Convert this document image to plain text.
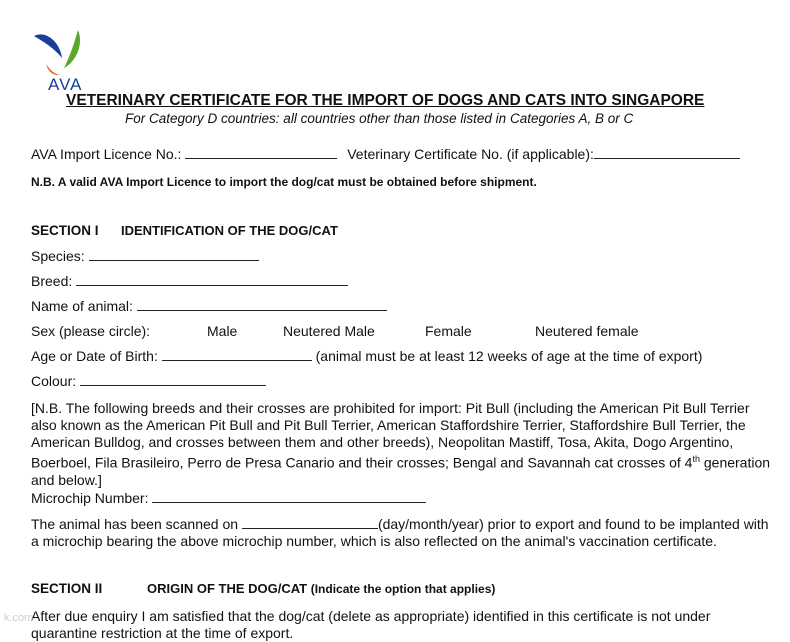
AVA
VETERINARY CERTIFICATE FOR THE IMPORT OF DOGS AND CATS INTO SINGAPORE
For Category D countries: all countries other than those listed in Categories A, B or C
AVA Import Licence No.:	Veterinary Certificate No. (if applicable):
N.B. A valid AVA Import Licence to import the dog/cat must be obtained before shipment.
SECTION I IDENTIFICATION OF THE DOG/CAT
Species:
Breed:
Name of animal:
Sex (please circle):	Male	Neutered Male	Female	Neutered female
Age or Date of Birth:	(animal must be at least 12 weeks of age at the time of export)
Colour:
[N.B. The following breeds and their crosses are prohibited for import: Pit Bull (including the American Pit Bull Terrier also known as the American Pit Bull and Pit Bull Terrier, American Staffordshire Terrier, Staffordshire Bull Terrier, the American Bulldog, and crosses between them and other breeds), Neopolitan Mastiff, Tosa, Akita, Dogo Argentino, Boerboel, Fila Brasileiro, Perro de Presa Canario and their crosses; Bengal and Savannah cat crosses of 4th generation and below.]
Microchip Number:
The animal has been scanned on	(day/month/year) prior to export and found to be implanted with a microchip bearing the above microchip number, which is also reflected on the animal's vaccination certificate.
SECTION II	ORIGIN OF THE DOG/CAT (Indicate the option that applies)
After due enquiry I am satisfied that the dog/cat (delete as appropriate) identified in this certificate is not under quarantine restriction at the time of export.
k.com
